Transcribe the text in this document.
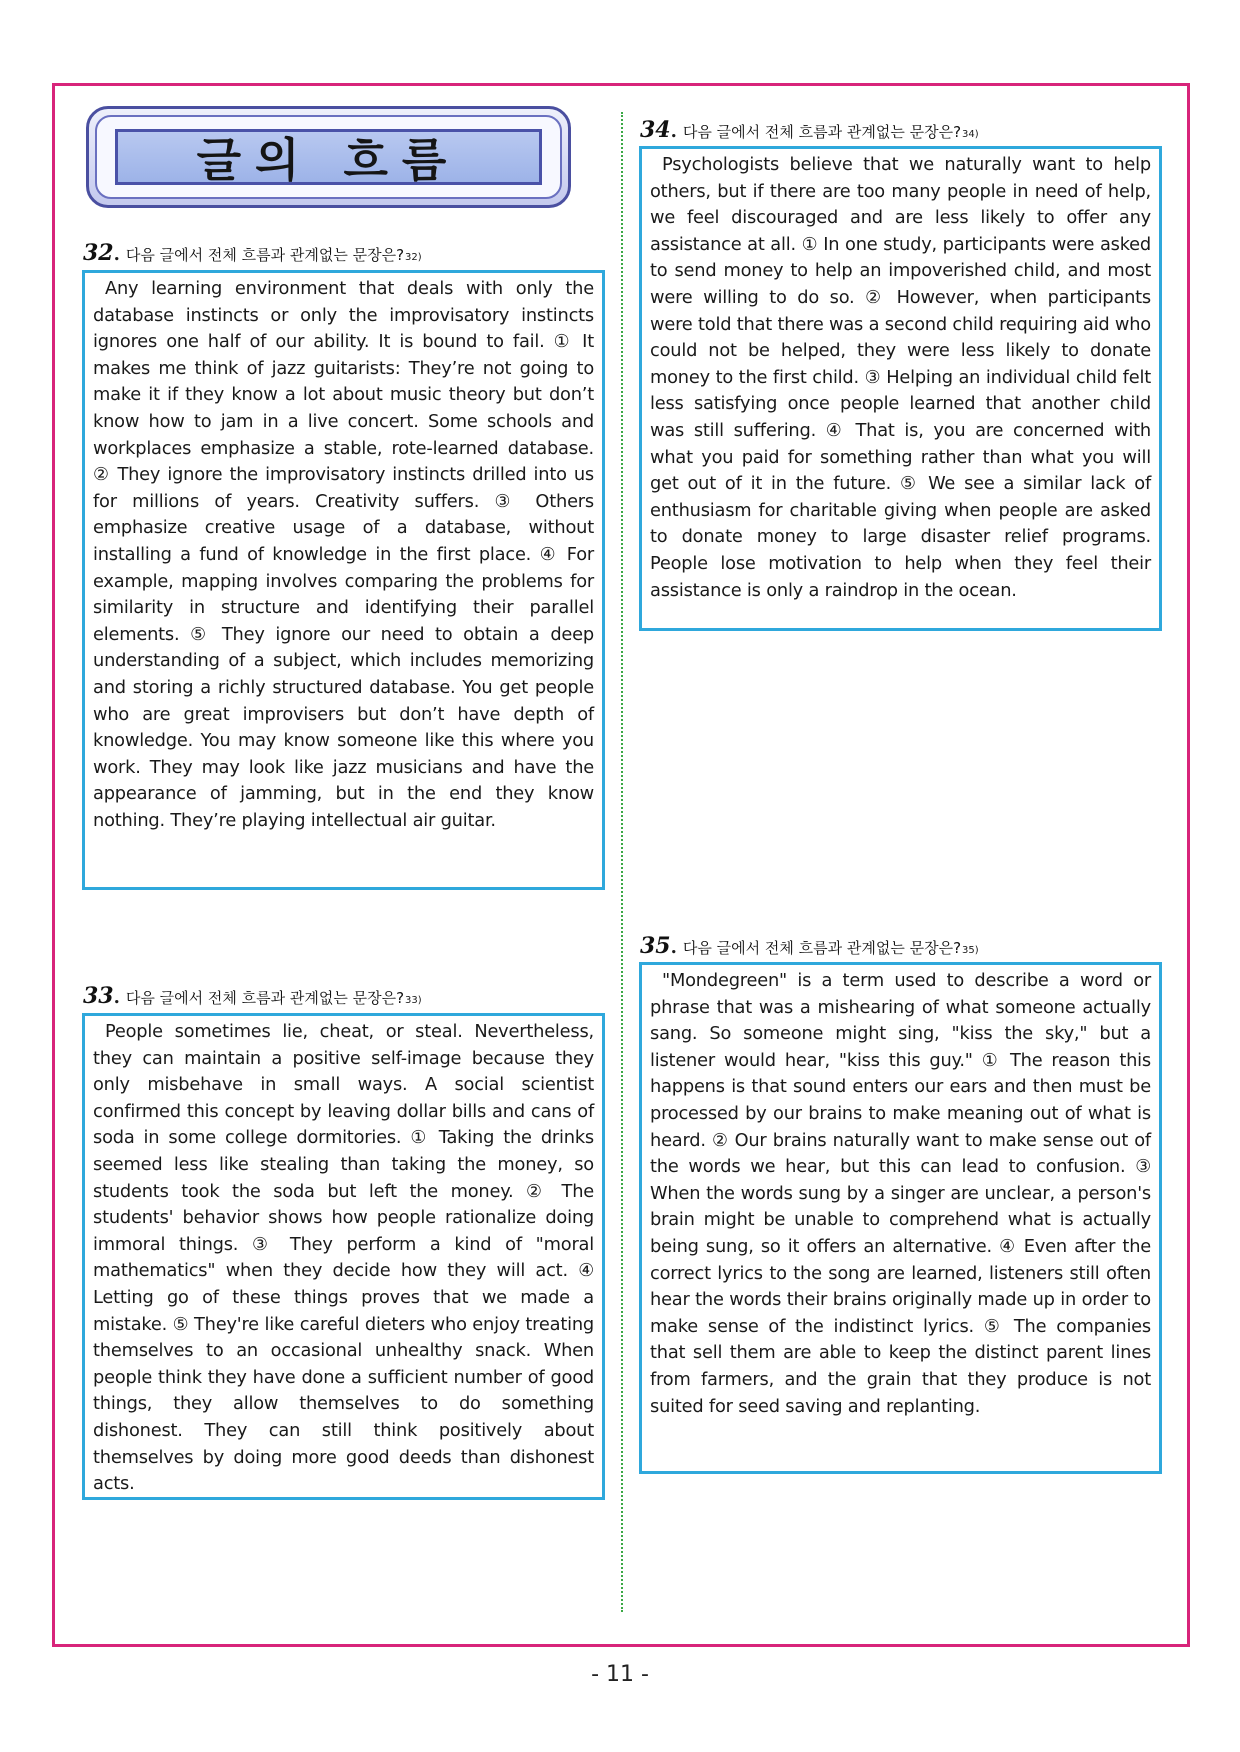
글의 흐름
32 . 다음 글에서 전체 흐름과 관계없는 문장은? 32)

Any learning environment that deals with only the database instincts or only the improvisatory instincts ignores one half of our ability. It is bound to fail. ① It makes me think of jazz guitarists: They’re not going to make it if they know a lot about music theory but don’t know how to jam in a live concert. Some schools and workplaces emphasize a stable, rote-learned database. ② They ignore the improvisatory instincts drilled into us for millions of years. Creativity suffers. ③ Others emphasize creative usage of a database, without installing a fund of knowledge in the first place. ④ For example, mapping involves comparing the problems for similarity in structure and identifying their parallel elements. ⑤ They ignore our need to obtain a deep understanding of a subject, which includes memorizing and storing a richly structured database. You get people who are great improvisers but don’t have depth of knowledge. You may know someone like this where you work. They may look like jazz musicians and have the appearance of jamming, but in the end they know nothing. They’re playing intellectual air guitar.

33 . 다음 글에서 전체 흐름과 관계없는 문장은? 33)

People sometimes lie, cheat, or steal. Nevertheless, they can maintain a positive self-image because they only misbehave in small ways. A social scientist confirmed this concept by leaving dollar bills and cans of soda in some college dormitories. ① Taking the drinks seemed less like stealing than taking the money, so students took the soda but left the money. ② The students' behavior shows how people rationalize doing immoral things. ③ They perform a kind of "moral mathematics" when they decide how they will act. ④ Letting go of these things proves that we made a mistake. ⑤ They're like careful dieters who enjoy treating themselves to an occasional unhealthy snack. When people think they have done a sufficient number of good things, they allow themselves to do something dishonest. They can still think positively about themselves by doing more good deeds than dishonest acts.

34 . 다음 글에서 전체 흐름과 관계없는 문장은? 34)

Psychologists believe that we naturally want to help others, but if there are too many people in need of help, we feel discouraged and are less likely to offer any assistance at all. ① In one study, participants were asked to send money to help an impoverished child, and most were willing to do so. ② However, when participants were told that there was a second child requiring aid who could not be helped, they were less likely to donate money to the first child. ③ Helping an individual child felt less satisfying once people learned that another child was still suffering. ④ That is, you are concerned with what you paid for something rather than what you will get out of it in the future. ⑤ We see a similar lack of enthusiasm for charitable giving when people are asked to donate money to large disaster relief programs. People lose motivation to help when they feel their assistance is only a raindrop in the ocean.

35 . 다음 글에서 전체 흐름과 관계없는 문장은? 35)

"Mondegreen" is a term used to describe a word or phrase that was a mishearing of what someone actually sang. So someone might sing, "kiss the sky," but a listener would hear, "kiss this guy." ① The reason this happens is that sound enters our ears and then must be processed by our brains to make meaning out of what is heard. ② Our brains naturally want to make sense out of the words we hear, but this can lead to confusion. ③ When the words sung by a singer are unclear, a person's brain might be unable to comprehend what is actually being sung, so it offers an alternative. ④ Even after the correct lyrics to the song are learned, listeners still often hear the words their brains originally made up in order to make sense of the indistinct lyrics. ⑤ The companies that sell them are able to keep the distinct parent lines from farmers, and the grain that they produce is not suited for seed saving and replanting.

- 11 -
